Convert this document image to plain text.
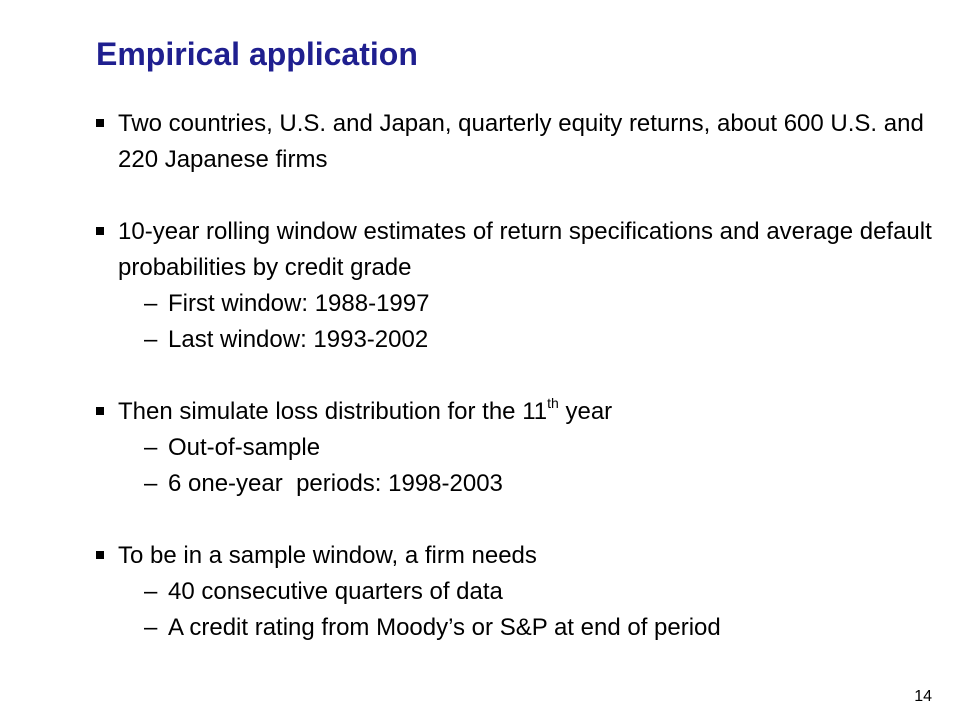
Empirical application
Two countries, U.S. and Japan, quarterly equity returns, about 600 U.S. and 220 Japanese firms
10-year rolling window estimates of return specifications and average default probabilities by credit grade
– First window: 1988-1997
– Last window: 1993-2002
Then simulate loss distribution for the 11th year
– Out-of-sample
– 6 one-year  periods: 1998-2003
To be in a sample window, a firm needs
– 40 consecutive quarters of data
– A credit rating from Moody’s or S&P at end of period
14
